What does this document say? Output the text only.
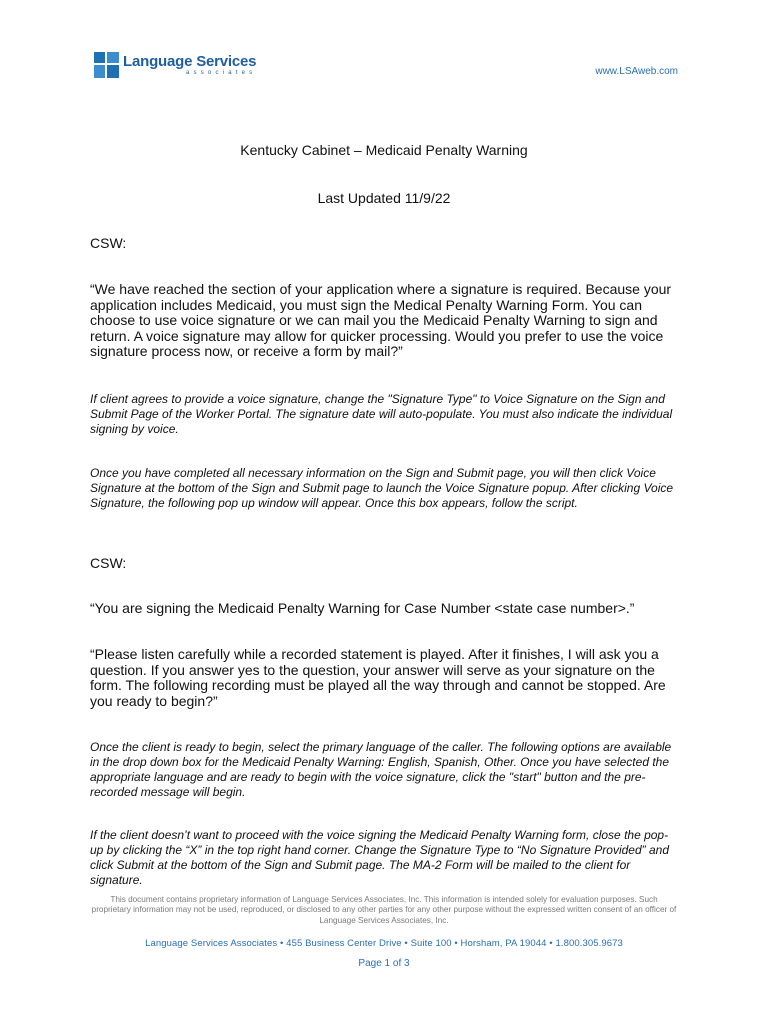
Language Services
associates	www.LSAweb.com
Kentucky Cabinet – Medicaid Penalty Warning
Last Updated 11/9/22

CSW:

“We have reached the section of your application where a signature is required. Because your application includes Medicaid, you must sign the Medical Penalty Warning Form. You can choose to use voice signature or we can mail you the Medicaid Penalty Warning to sign and return. A voice signature may allow for quicker processing. Would you prefer to use the voice signature process now, or receive a form by mail?”

If client agrees to provide a voice signature, change the "Signature Type" to Voice Signature on the Sign and Submit Page of the Worker Portal. The signature date will auto-populate. You must also indicate the individual signing by voice.

Once you have completed all necessary information on the Sign and Submit page, you will then click Voice Signature at the bottom of the Sign and Submit page to launch the Voice Signature popup. After clicking Voice Signature, the following pop up window will appear. Once this box appears, follow the script.

CSW:

“You are signing the Medicaid Penalty Warning for Case Number <state case number>.”

“Please listen carefully while a recorded statement is played. After it finishes, I will ask you a question. If you answer yes to the question, your answer will serve as your signature on the form. The following recording must be played all the way through and cannot be stopped. Are you ready to begin?”

Once the client is ready to begin, select the primary language of the caller. The following options are available in the drop down box for the Medicaid Penalty Warning: English, Spanish, Other. Once you have selected the appropriate language and are ready to begin with the voice signature, click the "start" button and the pre-recorded message will begin.

If the client doesn’t want to proceed with the voice signing the Medicaid Penalty Warning form, close the pop-up by clicking the “X” in the top right hand corner. Change the Signature Type to “No Signature Provided” and click Submit at the bottom of the Sign and Submit page. The MA-2 Form will be mailed to the client for signature.

This document contains proprietary information of Language Services Associates, Inc. This information is intended solely for evaluation purposes. Such proprietary information may not be used, reproduced, or disclosed to any other parties for any other purpose without the expressed written consent of an officer of Language Services Associates, Inc.
Language Services Associates • 455 Business Center Drive • Suite 100 • Horsham, PA 19044 • 1.800.305.9673
Page 1 of 3
